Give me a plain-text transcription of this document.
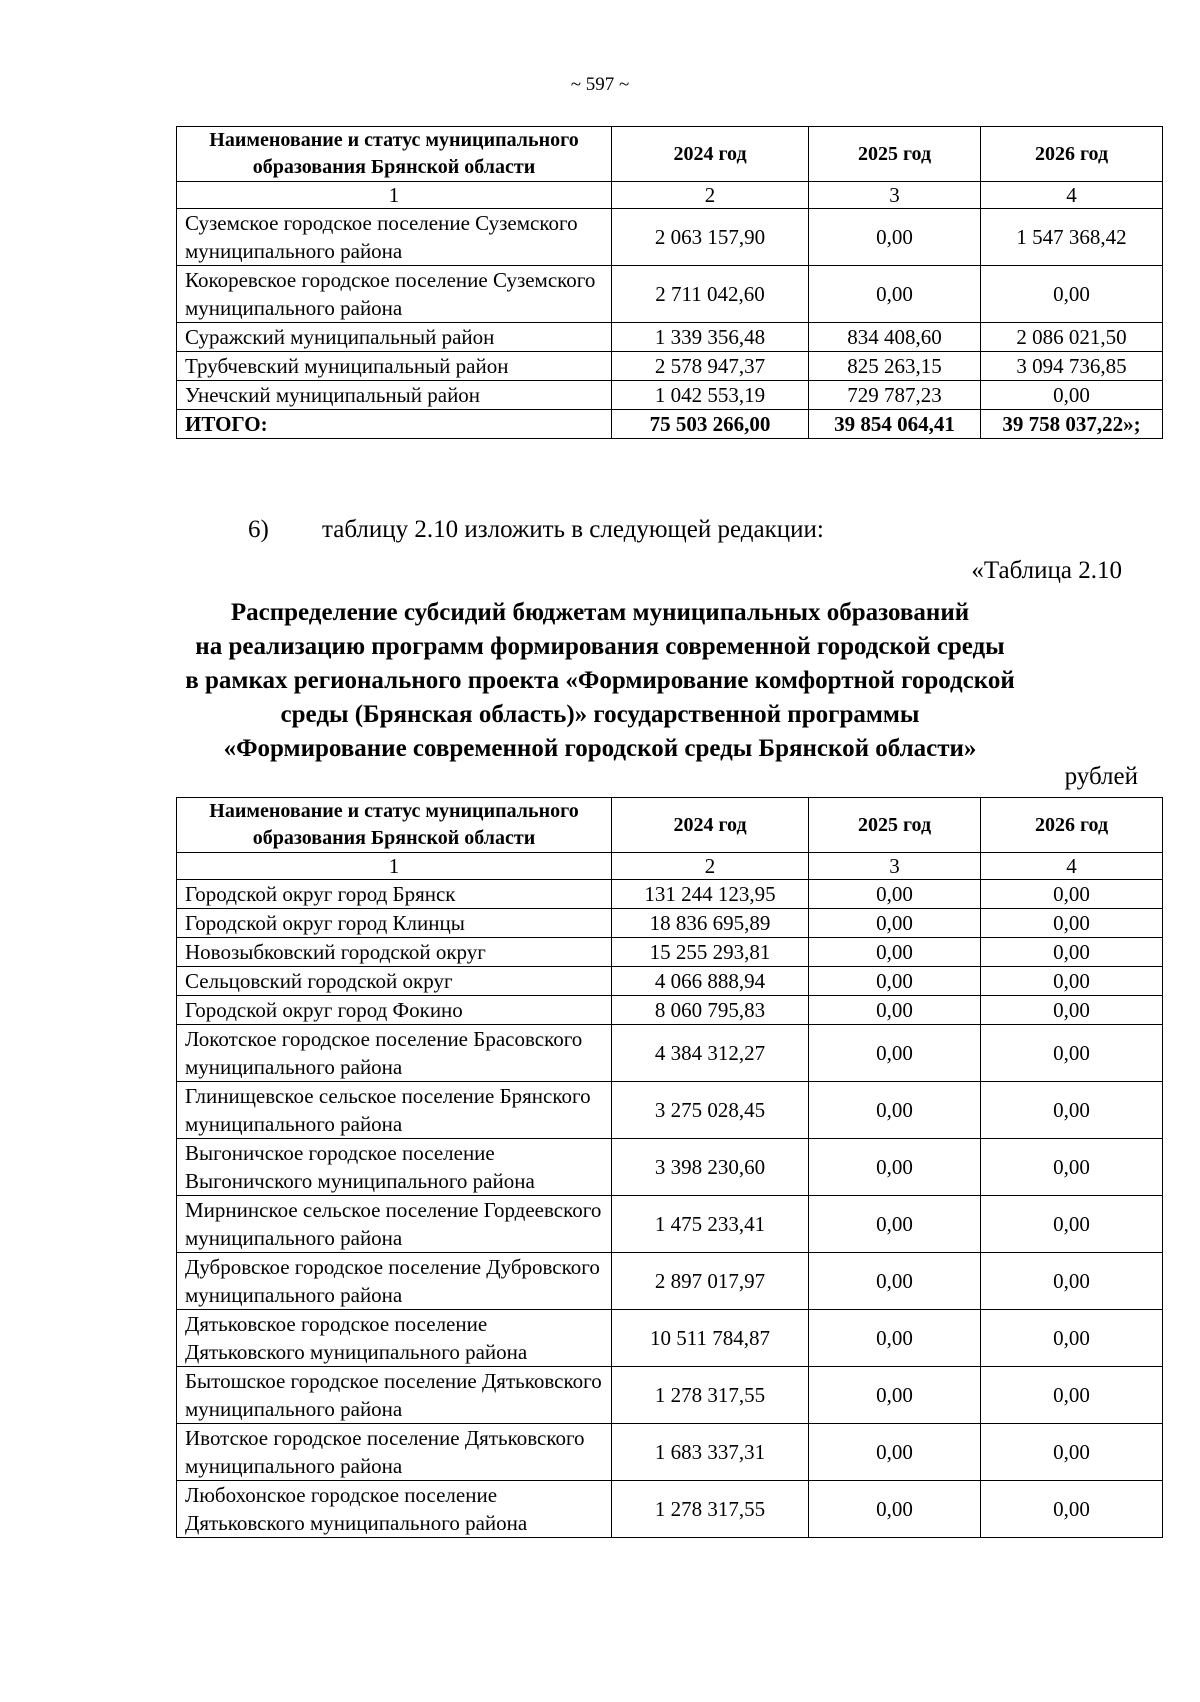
~ 597 ~
Наименование и статус муниципального образования Брянской области	2024 год	2025 год	2026 год
1	2	3	4
Суземское городское поселение Суземского муниципального района	2 063 157,90	0,00	1 547 368,42
Кокоревское городское поселение Суземского муниципального района	2 711 042,60	0,00	0,00
Суражский муниципальный район	1 339 356,48	834 408,60	2 086 021,50
Трубчевский муниципальный район	2 578 947,37	825 263,15	3 094 736,85
Унечский муниципальный район	1 042 553,19	729 787,23	0,00
ИТОГО:	75 503 266,00	39 854 064,41	39 758 037,22»;
6) таблицу 2.10 изложить в следующей редакции:
«Таблица 2.10
Распределение субсидий бюджетам муниципальных образований
на реализацию программ формирования современной городской среды
в рамках регионального проекта «Формирование комфортной городской
среды (Брянская область)» государственной программы
«Формирование современной городской среды Брянской области»
рублей
Наименование и статус муниципального образования Брянской области	2024 год	2025 год	2026 год
1	2	3	4
Городской округ город Брянск	131 244 123,95	0,00	0,00
Городской округ город Клинцы	18 836 695,89	0,00	0,00
Новозыбковский городской округ	15 255 293,81	0,00	0,00
Сельцовский городской округ	4 066 888,94	0,00	0,00
Городской округ город Фокино	8 060 795,83	0,00	0,00
Локотское городское поселение Брасовского муниципального района	4 384 312,27	0,00	0,00
Глинищевское сельское поселение Брянского муниципального района	3 275 028,45	0,00	0,00
Выгоничское городское поселение Выгоничского муниципального района	3 398 230,60	0,00	0,00
Мирнинское сельское поселение Гордеевского муниципального района	1 475 233,41	0,00	0,00
Дубровское городское поселение Дубровского муниципального района	2 897 017,97	0,00	0,00
Дятьковское городское поселение Дятьковского муниципального района	10 511 784,87	0,00	0,00
Бытошское городское поселение Дятьковского муниципального района	1 278 317,55	0,00	0,00
Ивотское городское поселение Дятьковского муниципального района	1 683 337,31	0,00	0,00
Любохонское городское поселение Дятьковского муниципального района	1 278 317,55	0,00	0,00
